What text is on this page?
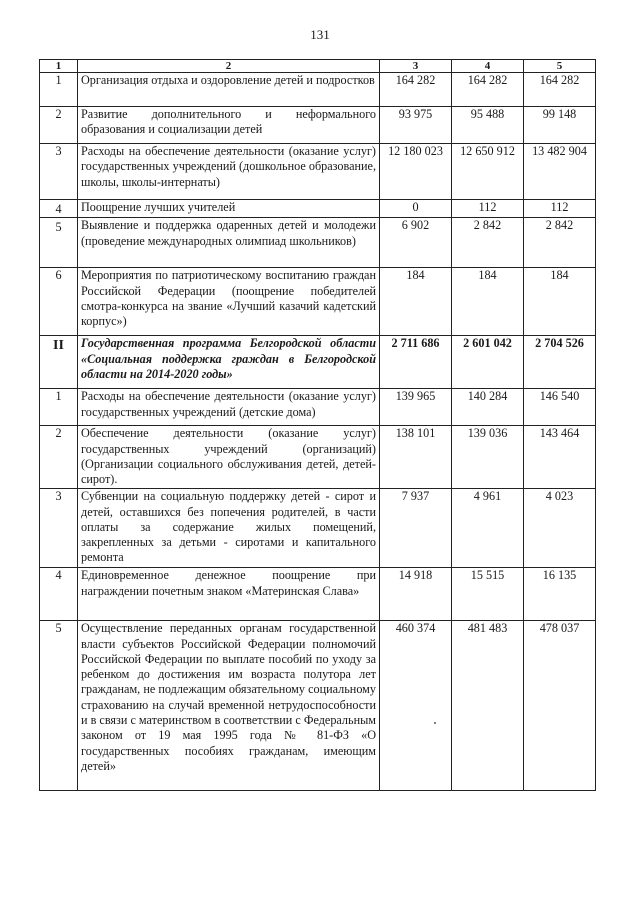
131
1	2	3	4	5
1	Организация отдыха и оздоровление детей и подростков	164 282	164 282	164 282
2	Развитие дополнительного и неформального образования и социализации детей	93 975	95 488	99 148
3	Расходы на обеспечение деятельности (оказание услуг) государственных учреждений (дошкольное образование, школы, школы-интернаты)	12 180 023	12 650 912	13 482 904
4	Поощрение лучших учителей	0	112	112
5	Выявление и поддержка одаренных детей и молодежи (проведение международных олимпиад школьников)	6 902	2 842	2 842
6	Мероприятия по патриотическому воспитанию граждан Российской Федерации (поощрение победителей смотра-конкурса на звание «Лучший казачий кадетский корпус»)	184	184	184
II	Государственная программа Белгородской области «Социальная поддержка граждан в Белгородской области на 2014-2020 годы»	2 711 686	2 601 042	2 704 526
1	Расходы на обеспечение деятельности (оказание услуг) государственных учреждений (детские дома)	139 965	140 284	146 540
2	Обеспечение деятельности (оказание услуг) государственных учреждений (организаций) (Организации социального обслуживания детей, детей-сирот).	138 101	139 036	143 464
3	Субвенции на социальную поддержку детей - сирот и детей, оставшихся без попечения родителей, в части оплаты за содержание жилых помещений, закрепленных за детьми - сиротами и капитального ремонта	7 937	4 961	4 023
4	Единовременное денежное поощрение при награждении почетным знаком «Материнская Слава»	14 918	15 515	16 135
5	Осуществление переданных органам государственной власти субъектов Российской Федерации полномочий Российской Федерации по выплате пособий по уходу за ребенком до достижения им возраста полутора лет гражданам, не подлежащим обязательному социальному страхованию на случай временной нетрудоспособности и в связи с материнством в соответствии с Федеральным законом от 19 мая 1995 года № 81-ФЗ «О государственных пособиях гражданам, имеющим детей»	460 374	481 483	478 037
